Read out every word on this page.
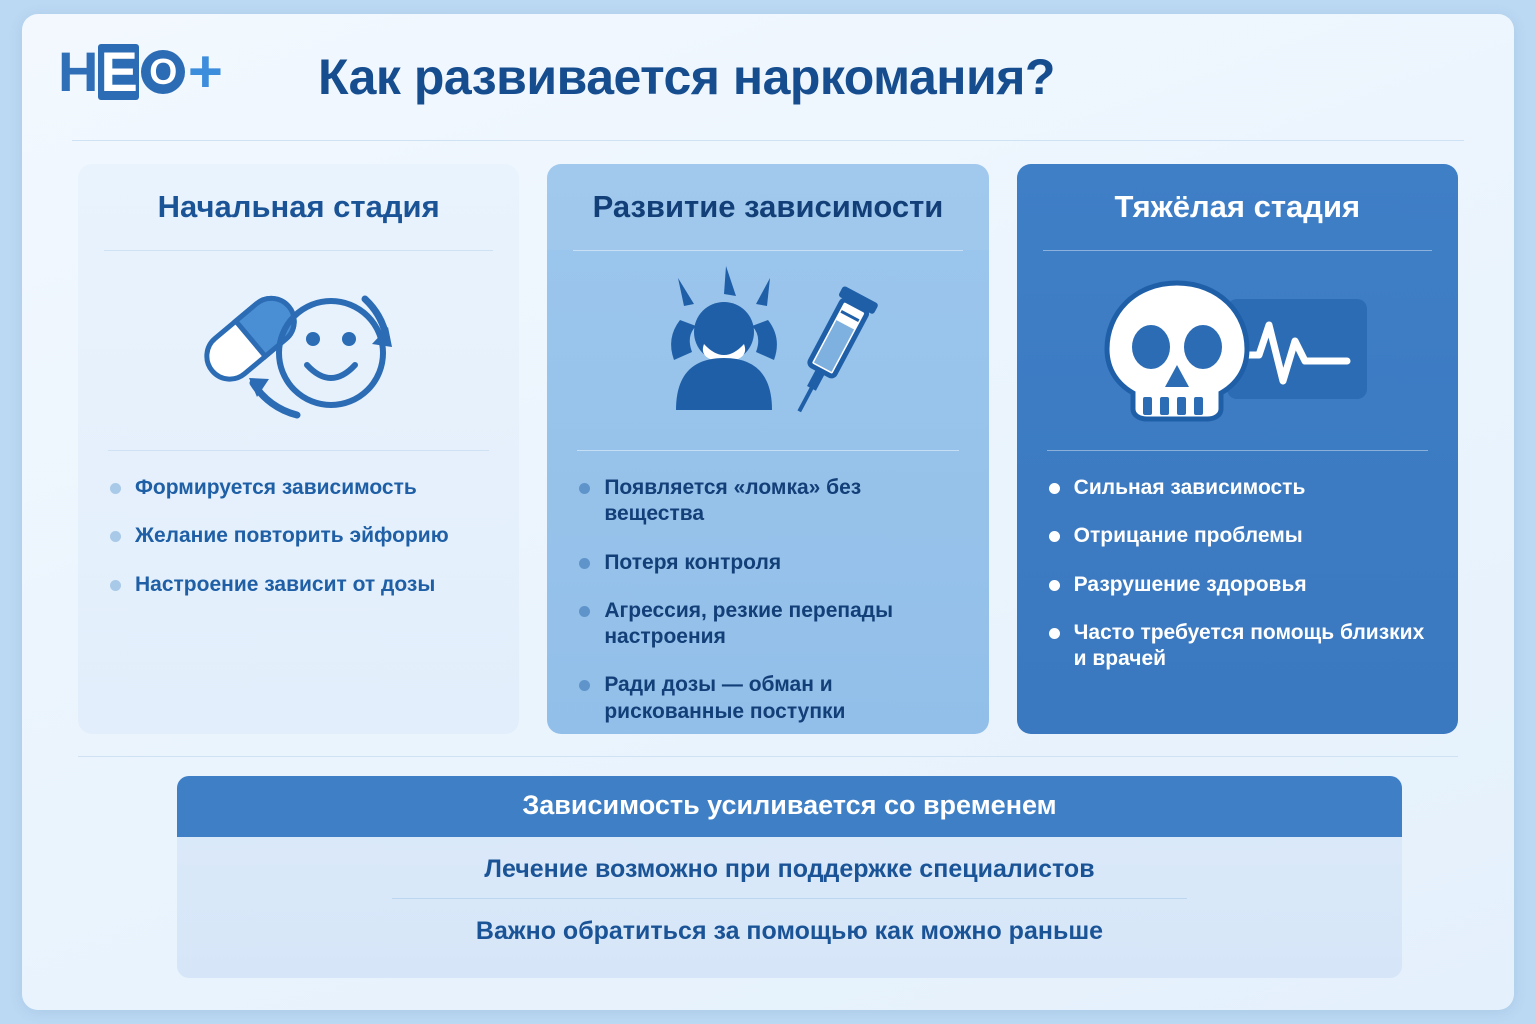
Н Е О + Как развивается наркомания?
Начальная стадия
Формируется зависимость
Желание повторить эйфорию
Настроение зависит от дозы
Развитие зависимости
Появляется «ломка» без вещества
Потеря контроля
Агрессия, резкие перепады настроения
Ради дозы — обман и рискованные поступки
Тяжёлая стадия
Сильная зависимость
Отрицание проблемы
Разрушение здоровья
Часто требуется помощь близких и врачей
Зависимость усиливается со временем
Лечение возможно при поддержке специалистов
Важно обратиться за помощью как можно раньше
